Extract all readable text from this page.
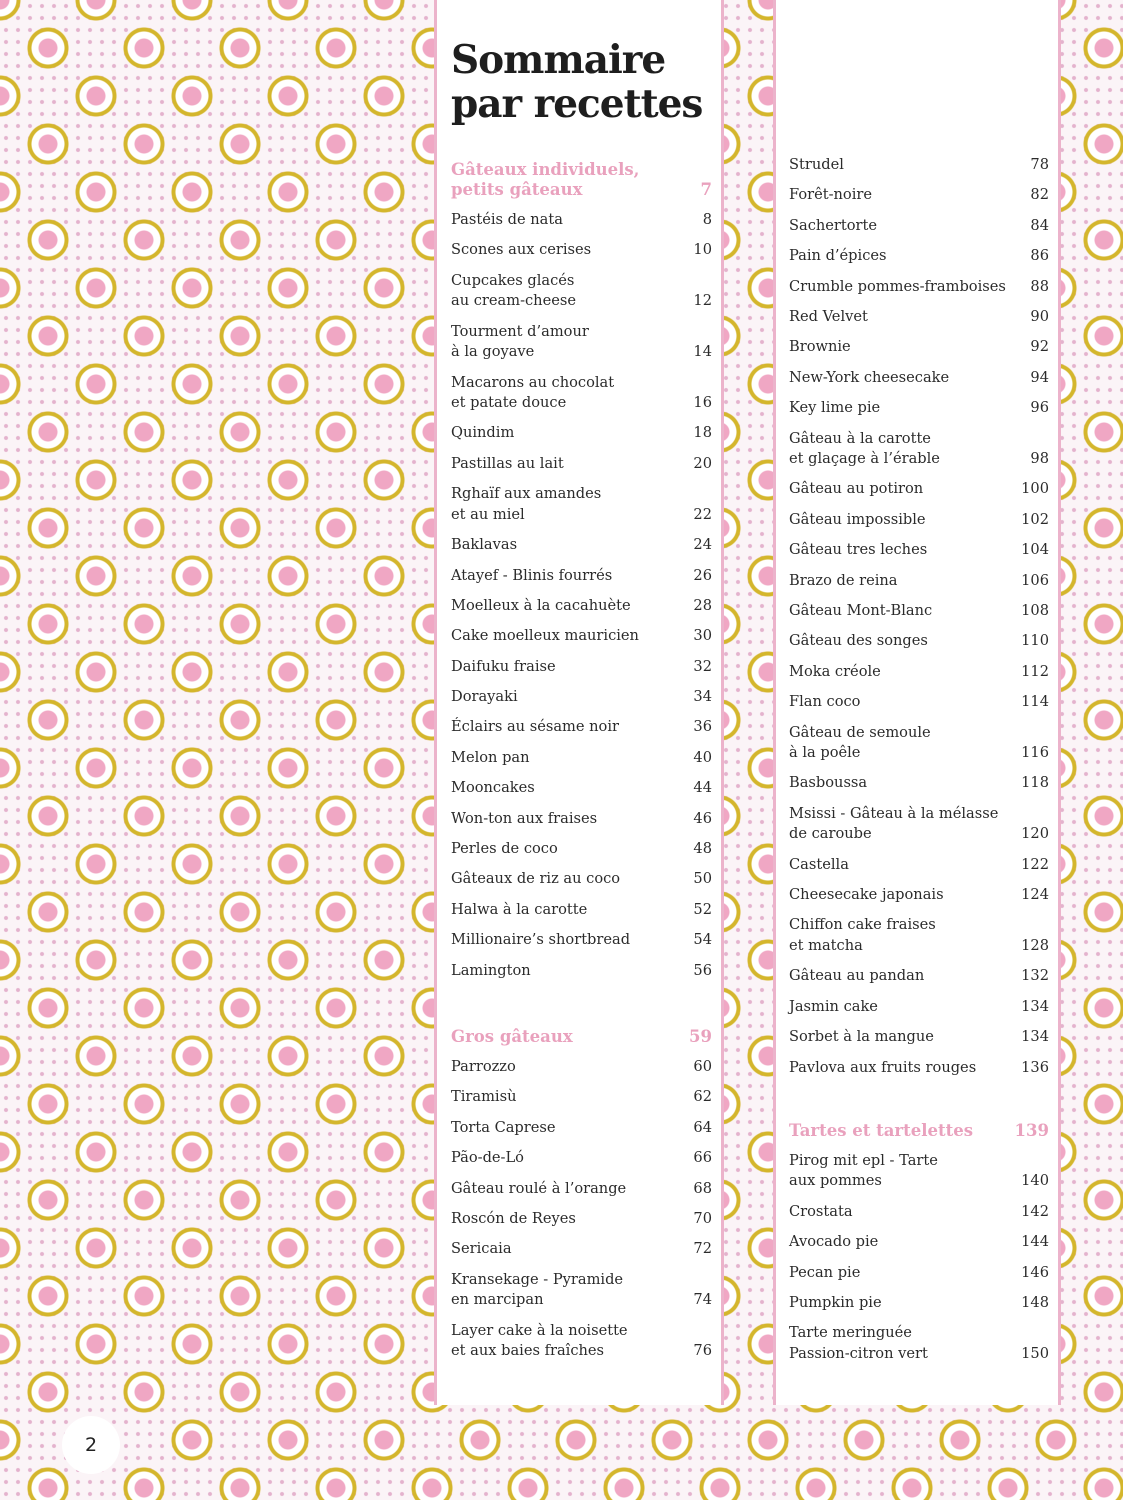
Sommaire
par recettes
Gâteaux individuels,
petits gâteaux	7
Pastéis de nata	8
Scones aux cerises	10
Cupcakes glacés
au cream-cheese	12
Tourment d’amour
à la goyave	14
Macarons au chocolat
et patate douce	16
Quindim	18
Pastillas au lait	20
Rghaïf aux amandes
et au miel	22
Baklavas	24
Atayef - Blinis fourrés	26
Moelleux à la cacahuète	28
Cake moelleux mauricien	30
Daifuku fraise	32
Dorayaki	34
Éclairs au sésame noir	36
Melon pan	40
Mooncakes	44
Won-ton aux fraises	46
Perles de coco	48
Gâteaux de riz au coco	50
Halwa à la carotte	52
Millionaire’s shortbread	54
Lamington	56
Gros gâteaux	59
Parrozzo	60
Tiramisù	62
Torta Caprese	64
Pão-de-Ló	66
Gâteau roulé à l’orange	68
Roscón de Reyes	70
Sericaia	72
Kransekage - Pyramide
en marcipan	74
Layer cake à la noisette
et aux baies fraîches	76
Strudel	78
Forêt-noire	82
Sachertorte	84
Pain d’épices	86
Crumble pommes-framboises	88
Red Velvet	90
Brownie	92
New-York cheesecake	94
Key lime pie	96
Gâteau à la carotte
et glaçage à l’érable	98
Gâteau au potiron	100
Gâteau impossible	102
Gâteau tres leches	104
Brazo de reina	106
Gâteau Mont-Blanc	108
Gâteau des songes	110
Moka créole	112
Flan coco	114
Gâteau de semoule
à la poêle	116
Basboussa	118
Msissi - Gâteau à la mélasse
de caroube	120
Castella	122
Cheesecake japonais	124
Chiffon cake fraises
et matcha	128
Gâteau au pandan	132
Jasmin cake	134
Sorbet à la mangue	134
Pavlova aux fruits rouges	136
Tartes et tartelettes	139
Pirog mit epl - Tarte
aux pommes	140
Crostata	142
Avocado pie	144
Pecan pie	146
Pumpkin pie	148
Tarte meringuée
Passion-citron vert	150
2
